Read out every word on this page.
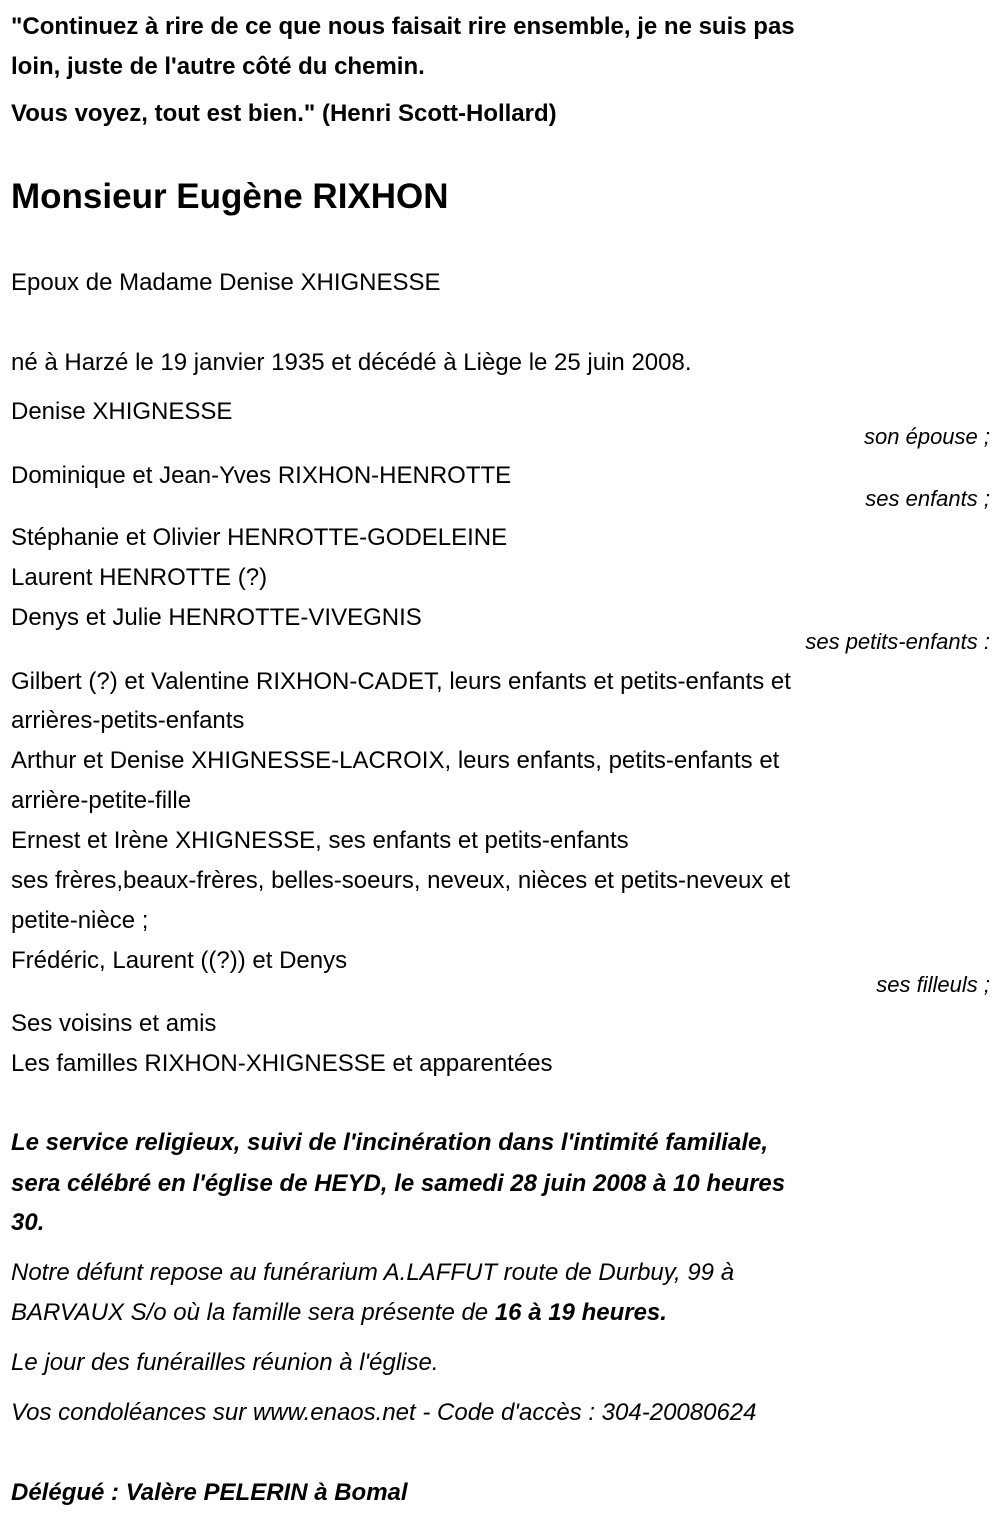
"Continuez à rire de ce que nous faisait rire ensemble, je ne suis pas
loin, juste de l'autre côté du chemin.
Vous voyez, tout est bien." (Henri Scott-Hollard)
Monsieur Eugène RIXHON
Epoux de Madame Denise XHIGNESSE
né à Harzé le 19 janvier 1935 et décédé à Liège le 25 juin 2008.
Denise XHIGNESSE
son épouse ;
Dominique et Jean-Yves RIXHON-HENROTTE
ses enfants ;
Stéphanie et Olivier HENROTTE-GODELEINE
Laurent HENROTTE (?)
Denys et Julie HENROTTE-VIVEGNIS
ses petits-enfants :
Gilbert (?) et Valentine RIXHON-CADET, leurs enfants et petits-enfants et
arrières-petits-enfants
Arthur et Denise XHIGNESSE-LACROIX, leurs enfants, petits-enfants et
arrière-petite-fille
Ernest et Irène XHIGNESSE, ses enfants et petits-enfants
ses frères,beaux-frères, belles-soeurs, neveux, nièces et petits-neveux et
petite-nièce ;
Frédéric, Laurent ((?)) et Denys
ses filleuls ;
Ses voisins et amis
Les familles RIXHON-XHIGNESSE et apparentées
Le service religieux, suivi de l'incinération dans l'intimité familiale,
sera célébré en l'église de HEYD, le samedi 28 juin 2008 à 10 heures
30.
Notre défunt repose au funérarium A.LAFFUT route de Durbuy, 99 à
BARVAUX S/o où la famille sera présente de 16 à 19 heures.
Le jour des funérailles réunion à l'église.
Vos condoléances sur www.enaos.net - Code d'accès : 304-20080624
Délégué : Valère PELERIN à Bomal
